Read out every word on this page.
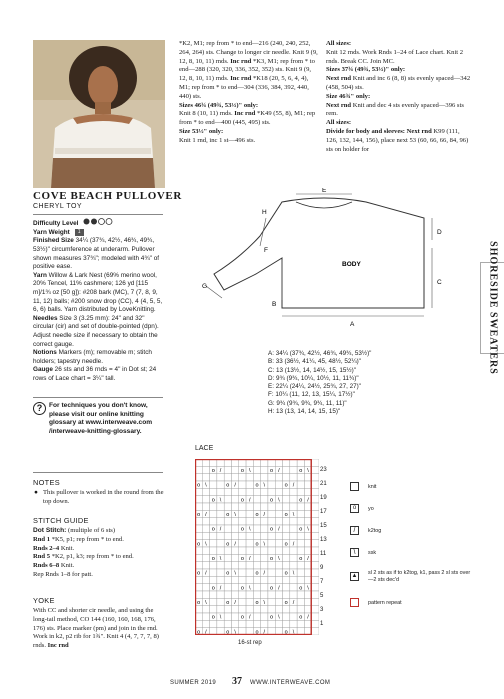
COVE BEACH PULLOVER
CHERYL TOY
Difficulty Level
Yarn Weight 1
Finished Size 34¼ (37¾, 42½, 46¾, 49¾, 53½)" circumference at underarm. Pullover shown measures 37¾"; modeled with 4¾" of positive ease.
Yarn Willow & Lark Nest (69% merino wool, 20% Tencel, 11% cashmere; 126 yd [115 m]/1¾ oz [50 g]): #208 bark (MC), 7 (7, 8, 9, 11, 12) balls; #200 snow drop (CC), 4 (4, 5, 5, 6, 6) balls. Yarn distributed by LoveKnitting.
Needles Size 3 (3.25 mm): 24" and 32" circular (cir) and set of double-pointed (dpn). Adjust needle size if necessary to obtain the correct gauge.
Notions Markers (m); removable m; stitch holders; tapestry needle.
Gauge 26 sts and 36 rnds = 4" in Dot st; 24 rows of Lace chart = 3¼" tall.
?	For techniques you don't know, please visit our online knitting glossary at www.interweave.com /interweave-knitting-glossary.
NOTES
● This pullover is worked in the round from the top down.
STITCH GUIDE
Dot Stitch: (multiple of 6 sts)
Rnd 1 *K5, p1; rep from * to end.
Rnds 2–4 Knit.
Rnd 5 *K2, p1, k3; rep from * to end.
Rnds 6–8 Knit.
Rep Rnds 1–8 for patt.
YOKE
With CC and shorter cir needle, and using the long-tail method, CO 144 (160, 160, 168, 176, 176) sts. Place marker (pm) and join in the rnd. Work in k2, p2 rib for 1¾". Knit 4 (4, 7, 7, 7, 8) rnds. Inc rnd
*K2, M1; rep from * to end—216 (240, 240, 252, 264, 264) sts. Change to longer cir needle. Knit 9 (9, 12, 8, 10, 11) rnds. Inc rnd *K3, M1; rep from * to end—288 (320, 320, 336, 352, 352) sts. Knit 9 (9, 12, 8, 10, 11) rnds. Inc rnd *K18 (20, 5, 6, 4, 4), M1; rep from * to end—304 (336, 384, 392, 440, 440) sts.
Sizes 46¾ (49¾, 53½)" only:
Knit 8 (10, 11) rnds. Inc rnd *K49 (55, 8), M1; rep from * to end—400 (445, 495) sts.
Size 53½" only:
Knit 1 rnd, inc 1 st—496 sts.
All sizes:
Knit 12 rnds. Work Rnds 1–24 of Lace chart. Knit 2 rnds. Break CC. Join MC.
Sizes 37¾ (49¾, 53½)" only:
Next rnd Knit and inc 6 (8, 8) sts evenly spaced—342 (458, 504) sts.
Size 46¾" only:
Next rnd Knit and dec 4 sts evenly spaced—396 sts rem.
All sizes:
Divide for body and sleeves: Next rnd K99 (111, 126, 132, 144, 156), place next 53 (60, 66, 66, 84, 96) sts on holder for
E
D
H
F
BODY
G
B
C
A
A: 34¼ (37¾, 42½, 46¾, 49¾, 53½)"
B: 33 (36½, 41¼, 45, 48½, 52¼)"
C: 13 (13½, 14, 14½, 15, 15½)"
D: 9¾ (9¾, 10¼, 10½, 11, 11¾)"
E: 22¼ (24¼, 24½, 25¾, 27, 27)"
F: 10¼ (11, 12, 13, 15¼, 17½)"
G: 9¾ (9¾, 9¾, 9¾, 11, 11)"
H: 13 (13, 14, 14, 15, 15)"
SHORESIDE SWEATERS
LACE
o /	o \	o /	o \
o \	o /	o \	o /
o \	o /	o \	o /
o /	o \	o /	o \
o /	o \	o /	o \
o \	o /	o \	o /
o \	o /	o \	o /
o /	o \	o /	o \
o /	o \	o /	o \
o \	o /	o \	o /
o \	o /	o \	o /
o /	o \	o /	o \
23
21
19
17
15
13
11
9
7
5
3
1
16-st rep
knit
o	yo
/	k2tog
\	ssk
▲ sl 2 sts as if to k2tog, k1, pass 2 sl sts over—2 sts dec'd
pattern repeat
SUMMER 2019 37 WWW.INTERWEAVE.COM
